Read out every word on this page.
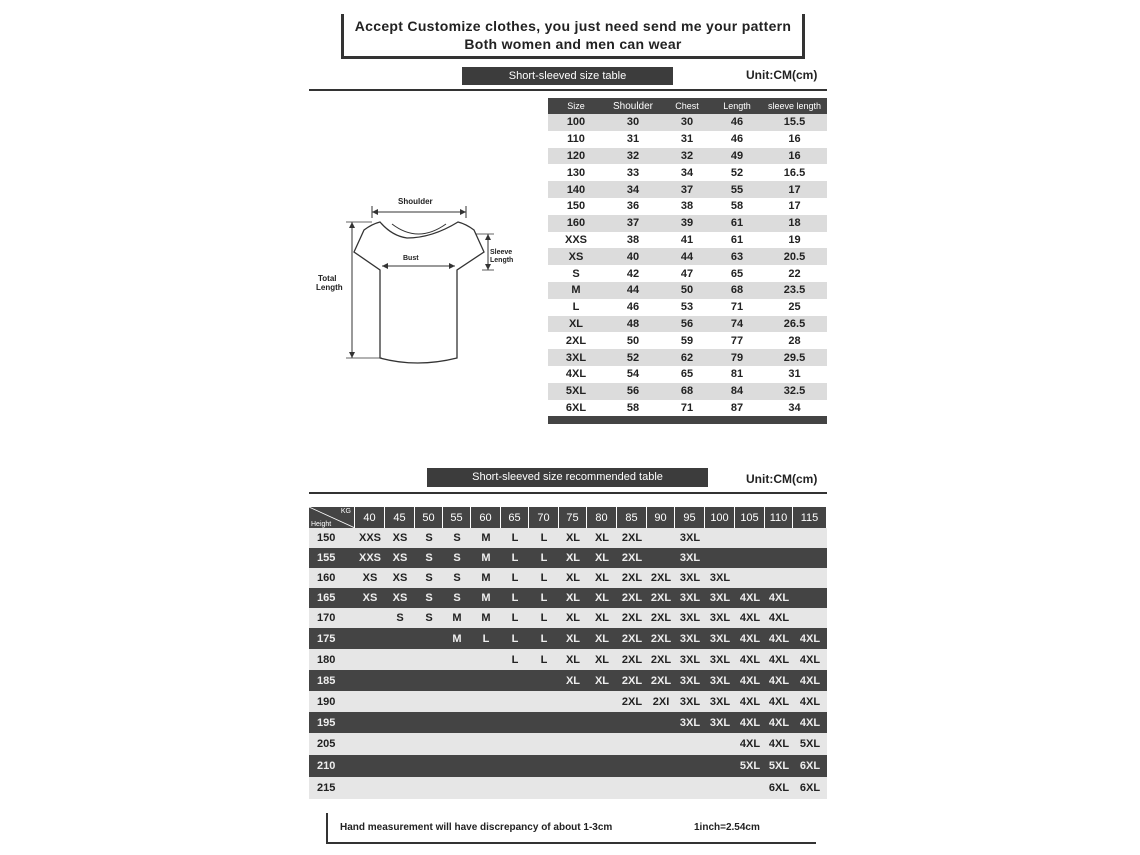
Accept Customize clothes, you just need send me your pattern
Both women and men can wear
Short-sleeved size table	Unit:CM(cm)
Shoulder
Bust
Sleeve
Length
Total
Length
Size	Shoulder	Chest	Length	sleeve length
100	30	30	46	15.5
110	31	31	46	16
120	32	32	49	16
130	33	34	52	16.5
140	34	37	55	17
150	36	38	58	17
160	37	39	61	18
XXS	38	41	61	19
XS	40	44	63	20.5
S	42	47	65	22
M	44	50	68	23.5
L	46	53	71	25
XL	48	56	74	26.5
2XL	50	59	77	28
3XL	52	62	79	29.5
4XL	54	65	81	31
5XL	56	68	84	32.5
6XL	58	71	87	34
Short-sleeved size recommended table	Unit:CM(cm)
KG
Height	40	45	50	55	60	65	70	75	80	85	90	95	100	105	110	115
150	XXS	XS	S	S	M	L	L	XL	XL	2XL		3XL				
155	XXS	XS	S	S	M	L	L	XL	XL	2XL		3XL				
160	XS	XS	S	S	M	L	L	XL	XL	2XL	2XL	3XL	3XL			
165	XS	XS	S	S	M	L	L	XL	XL	2XL	2XL	3XL	3XL	4XL	4XL	
170		S	S	M	M	L	L	XL	XL	2XL	2XL	3XL	3XL	4XL	4XL	
175				M	L	L	L	XL	XL	2XL	2XL	3XL	3XL	4XL	4XL	4XL
180						L	L	XL	XL	2XL	2XL	3XL	3XL	4XL	4XL	4XL
185								XL	XL	2XL	2XL	3XL	3XL	4XL	4XL	4XL
190										2XL	2XI	3XL	3XL	4XL	4XL	4XL
195												3XL	3XL	4XL	4XL	4XL
205														4XL	4XL	5XL
210														5XL	5XL	6XL
215															6XL	6XL
Hand measurement will have discrepancy of about 1-3cm	1inch=2.54cm
